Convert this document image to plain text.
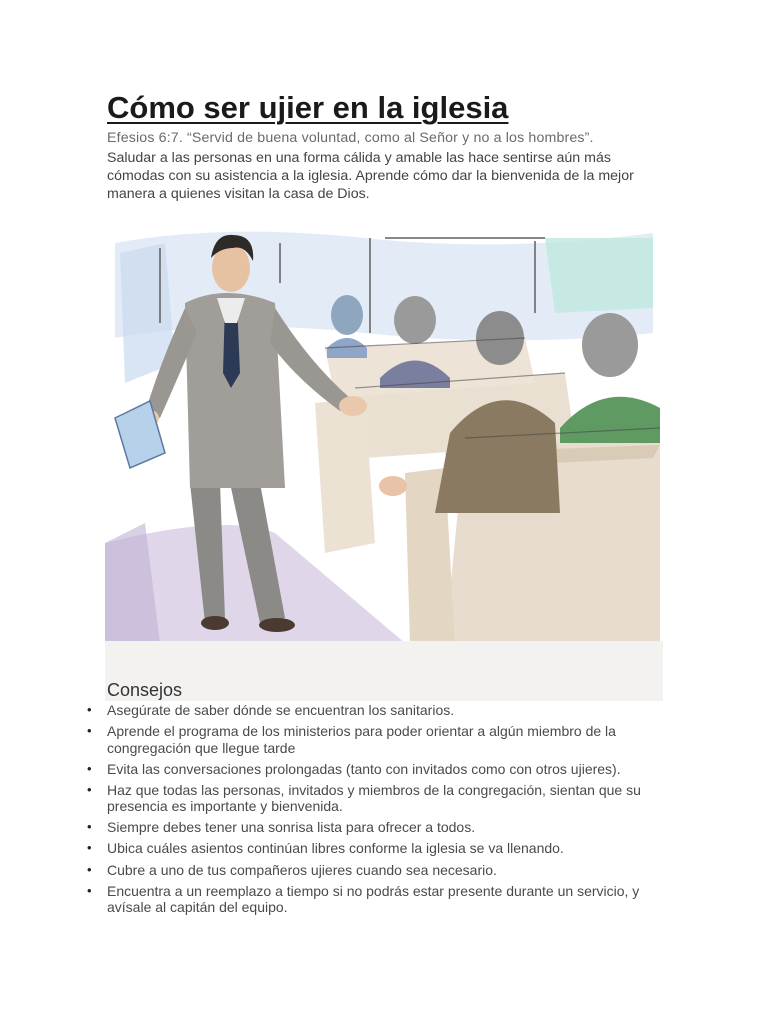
Cómo ser ujier en la iglesia

Efesios 6:7. “Servid de buena voluntad, como al Señor y no a los hombres”.

Saludar a las personas en una forma cálida y amable las hace sentirse aún más cómodas con su asistencia a la iglesia. Aprende cómo dar la bienvenida de la mejor manera a quienes visitan la casa de Dios.

Consejos
• Asegúrate de saber dónde se encuentran los sanitarios.
• Aprende el programa de los ministerios para poder orientar a algún miembro de la congregación que llegue tarde
• Evita las conversaciones prolongadas (tanto con invitados como con otros ujieres).
• Haz que todas las personas, invitados y miembros de la congregación, sientan que su presencia es importante y bienvenida.
• Siempre debes tener una sonrisa lista para ofrecer a todos.
• Ubica cuáles asientos continúan libres conforme la iglesia se va llenando.
• Cubre a uno de tus compañeros ujieres cuando sea necesario.
• Encuentra a un reemplazo a tiempo si no podrás estar presente durante un servicio, y avísale al capitán del equipo.
